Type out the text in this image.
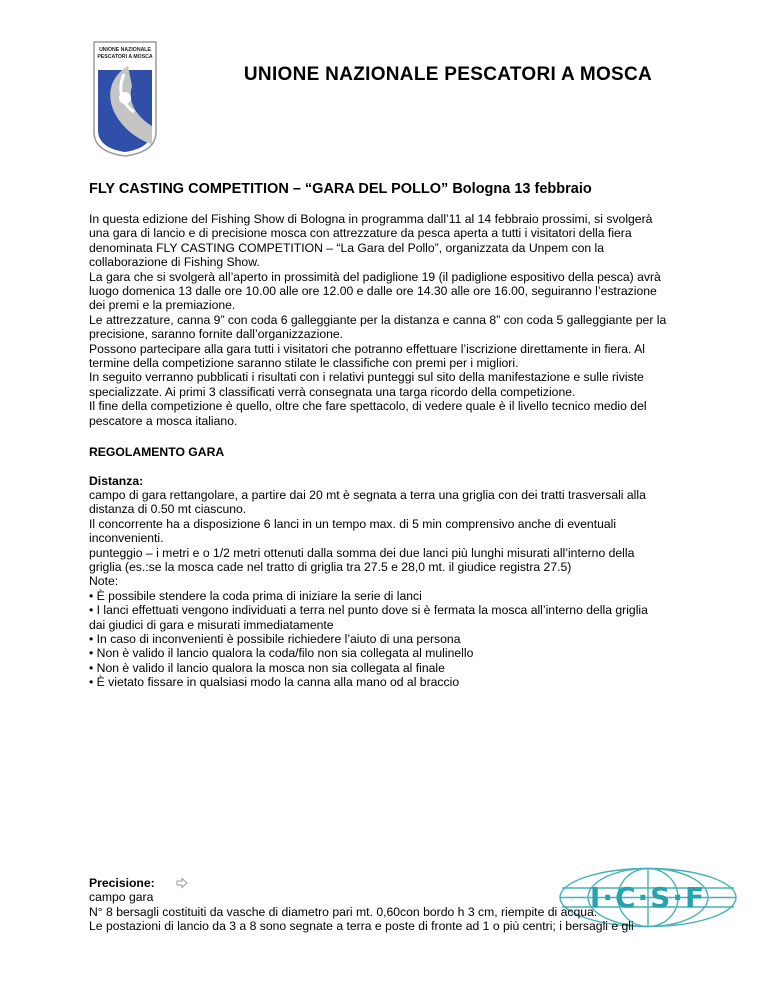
UNIONE NAZIONALE
PESCATORI A MOSCA
UNIONE NAZIONALE PESCATORI A MOSCA
FLY CASTING COMPETITION – “GARA DEL POLLO” Bologna 13 febbraio
In questa edizione del Fishing Show di Bologna in programma dall’11 al 14 febbraio prossimi, si svolgerà
una gara di lancio e di precisione mosca con attrezzature da pesca aperta a tutti i visitatori della fiera
denominata FLY CASTING COMPETITION – “La Gara del Pollo”, organizzata da Unpem con la
collaborazione di Fishing Show.
La gara che si svolgerà all’aperto in prossimità del padiglione 19 (il padiglione espositivo della pesca) avrà
luogo domenica 13 dalle ore 10.00 alle ore 12.00 e dalle ore 14.30 alle ore 16.00, seguiranno l’estrazione
dei premi e la premiazione.
Le attrezzature, canna 9” con coda 6 galleggiante per la distanza e canna 8” con coda 5 galleggiante per la
precisione, saranno fornite dall’organizzazione.
Possono partecipare alla gara tutti i visitatori che potranno effettuare l’iscrizione direttamente in fiera. Al
termine della competizione saranno stilate le classifiche con premi per i migliori.
In seguito verranno pubblicati i risultati con i relativi punteggi sul sito della manifestazione e sulle riviste
specializzate. Ai primi 3 classificati verrà consegnata una targa ricordo della competizione.
Il fine della competizione è quello, oltre che fare spettacolo, di vedere quale è il livello tecnico medio del
pescatore a mosca italiano.
REGOLAMENTO GARA
Distanza:
campo di gara rettangolare, a partire dai 20 mt è segnata a terra una griglia con dei tratti trasversali alla
distanza di 0.50 mt ciascuno.
Il concorrente ha a disposizione 6 lanci in un tempo max. di 5 min comprensivo anche di eventuali
inconvenienti.
punteggio – i metri e o 1/2 metri ottenuti dalla somma dei due lanci più lunghi misurati all’interno della
griglia (es.:se la mosca cade nel tratto di griglia tra 27.5 e 28,0 mt. il giudice registra 27.5)
Note:
• È possibile stendere la coda prima di iniziare la serie di lanci
• I lanci effettuati vengono individuati a terra nel punto dove si è fermata la mosca all’interno della griglia
dai giudici di gara e misurati immediatamente
• In caso di inconvenienti è possibile richiedere l’aiuto di una persona
• Non è valido il lancio qualora la coda/filo non sia collegata al mulinello
• Non è valido il lancio qualora la mosca non sia collegata al finale
• È vietato fissare in qualsiasi modo la canna alla mano od al braccio
I·C·S·F
Precisione:
campo gara
N° 8 bersagli costituiti da vasche di diametro pari mt. 0,60con bordo h 3 cm, riempite di acqua.
Le postazioni di lancio da 3 a 8 sono segnate a terra e poste di fronte ad 1 o più centri; i bersagli e gli
